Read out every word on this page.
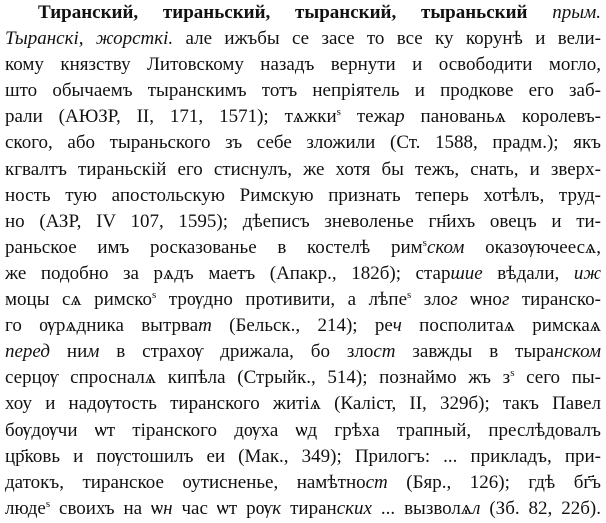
Тиранский, тираньский, тыранский, тыраньский прым.
Тыранскі, жорсткі. але ижъбы се засе то все ку корунѣ и вели-
кому князству Литовскому назадъ вернути и освободити могло,
што обычаемъ тыранскимъ тотъ непріятель и продкове его заб-
рали (АЮЗР, II, 171, 1571); тѧжки$^s$ тежар панованьѧ королевъ-
ского, або тыраньского зъ себе зложили (Ст. 1588, прадм.); якъ
кгвалтъ тираньскій его стиснулъ, же хотя бы тежъ, снать, и зверх-
ность тую апостольскую Римскую признать теперь хотѣлъ, труд-
но (АЗР, IV 107, 1595); дѣеписъ зневоленье гн҃ихъ овецъ и ти-
раньское имъ росказованье в костелѣ рим$^s$ском оказѹючеесѧ,
же подобно за рѧдъ маетъ (Апакр., 182б); старшие вѣдали, иж
моцы сѧ римско$^s$ трѹдно противити, а лѣпе$^s$ злог ѡног тиранско-
го ѹрѧдника вытрват (Бельск., 214); реч посполитаѧ римскаѧ
перед ним в страхѹ дрижала, бо злост завжды в тыранском
серцѹ спросналѧ кипѣла (Стрыйк., 514); познаймо жъ $з^s$ сего пы-
хоу и надѹтость тиранского житіѧ (Каліст, II, 329б); такъ Павел
бѹдѹчи ѡт тіранского дѹха ѡд грѣха трапный, преслѣдовалъ
цр҃ковь и пѹстошилъ еи (Мак., 349); Прилогъ: ... прикладъ, при-
датокъ, тиранское оутисненье, намѣтност (Бяр., 126); гдѣ бг҃ъ
люде$^s$ своихъ на ѡн час ѡт рѹк тиранских ... вызволѧл (Зб. 82, 22б).
